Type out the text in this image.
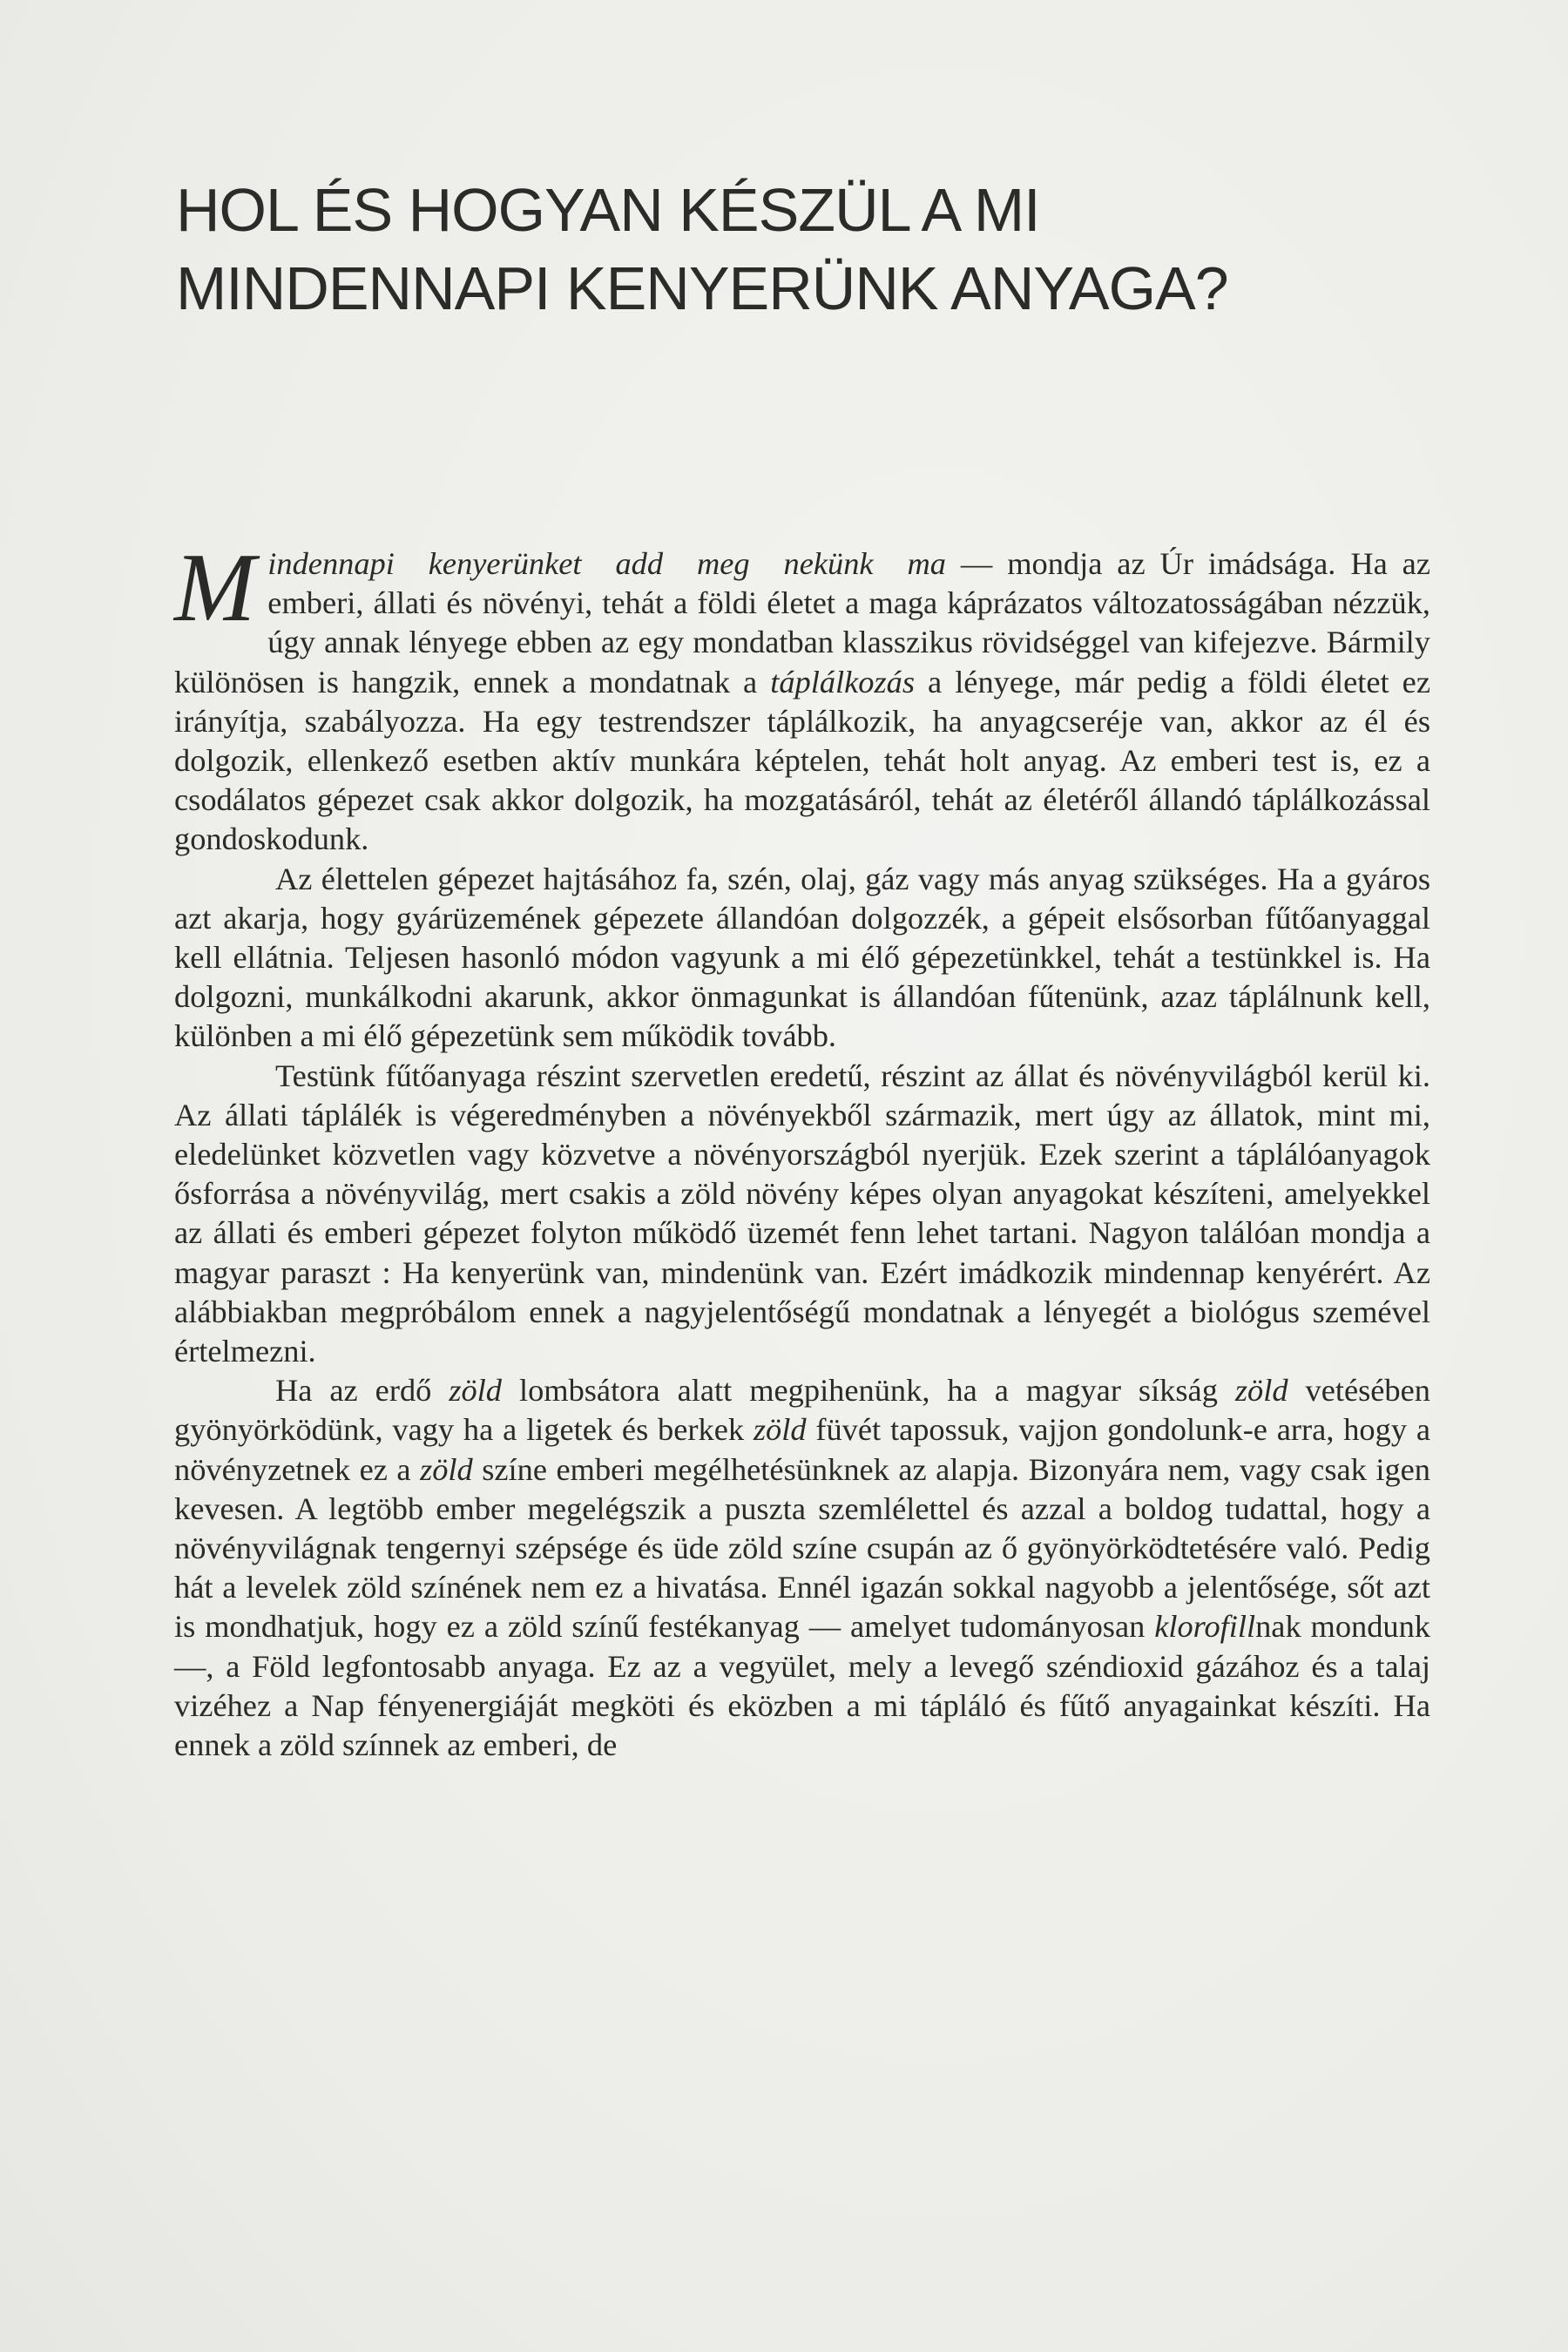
HOL ÉS HOGYAN KÉSZÜL A MI
MINDENNAPI KENYERÜNK ANYAGA?

Mindennapi kenyerünket add meg nekünk ma — mondja az Úr imádsága. Ha az emberi, állati és növényi, tehát a földi életet a maga káprázatos változatosságában nézzük, úgy annak lényege ebben az egy mondatban klasszikus rövidséggel van kifejezve. Bármily különösen is hangzik, ennek a mondatnak a táplálkozás a lényege, már pedig a földi életet ez irányítja, szabályozza. Ha egy testrendszer táplálkozik, ha anyagcseréje van, akkor az él és dolgozik, ellenkező esetben aktív munkára képtelen, tehát holt anyag. Az emberi test is, ez a csodálatos gépezet csak akkor dolgozik, ha mozgatásáról, tehát az életéről állandó táplálkozással gondoskodunk.

Az élettelen gépezet hajtásához fa, szén, olaj, gáz vagy más anyag szükséges. Ha a gyáros azt akarja, hogy gyárüzemének gépezete állandóan dolgozzék, a gépeit elsősorban fűtőanyaggal kell ellátnia. Teljesen hasonló módon vagyunk a mi élő gépezetünkkel, tehát a testünkkel is. Ha dolgozni, munkálkodni akarunk, akkor önmagunkat is állandóan fűtenünk, azaz táplálnunk kell, különben a mi élő gépezetünk sem működik tovább.

Testünk fűtőanyaga részint szervetlen eredetű, részint az állat és növényvilágból kerül ki. Az állati táplálék is végeredményben a növényekből származik, mert úgy az állatok, mint mi, eledelünket közvetlen vagy közvetve a növényországból nyerjük. Ezek szerint a táplálóanyagok ősforrása a növényvilág, mert csakis a zöld növény képes olyan anyagokat készíteni, amelyekkel az állati és emberi gépezet folyton működő üzemét fenn lehet tartani. Nagyon találóan mondja a magyar paraszt : Ha kenyerünk van, mindenünk van. Ezért imádkozik mindennap kenyérért. Az alábbiakban megpróbálom ennek a nagyjelentőségű mondatnak a lényegét a biológus szemével értelmezni.

Ha az erdő zöld lombsátora alatt megpihenünk, ha a magyar síkság zöld vetésében gyönyörködünk, vagy ha a ligetek és berkek zöld füvét tapossuk, vajjon gondolunk-e arra, hogy a növényzetnek ez a zöld színe emberi megélhetésünknek az alapja. Bizonyára nem, vagy csak igen kevesen. A legtöbb ember megelégszik a puszta szemlélettel és azzal a boldog tudattal, hogy a növényvilágnak tengernyi szépsége és üde zöld színe csupán az ő gyönyörködtetésére való. Pedig hát a levelek zöld színének nem ez a hivatása. Ennél igazán sokkal nagyobb a jelentősége, sőt azt is mondhatjuk, hogy ez a zöld színű festékanyag — amelyet tudományosan klorofillnak mondunk —, a Föld legfontosabb anyaga. Ez az a vegyület, mely a levegő széndioxid gázához és a talaj vizéhez a Nap fényenergiáját megköti és eközben a mi tápláló és fűtő anyagainkat készíti. Ha ennek a zöld színnek az emberi, de
